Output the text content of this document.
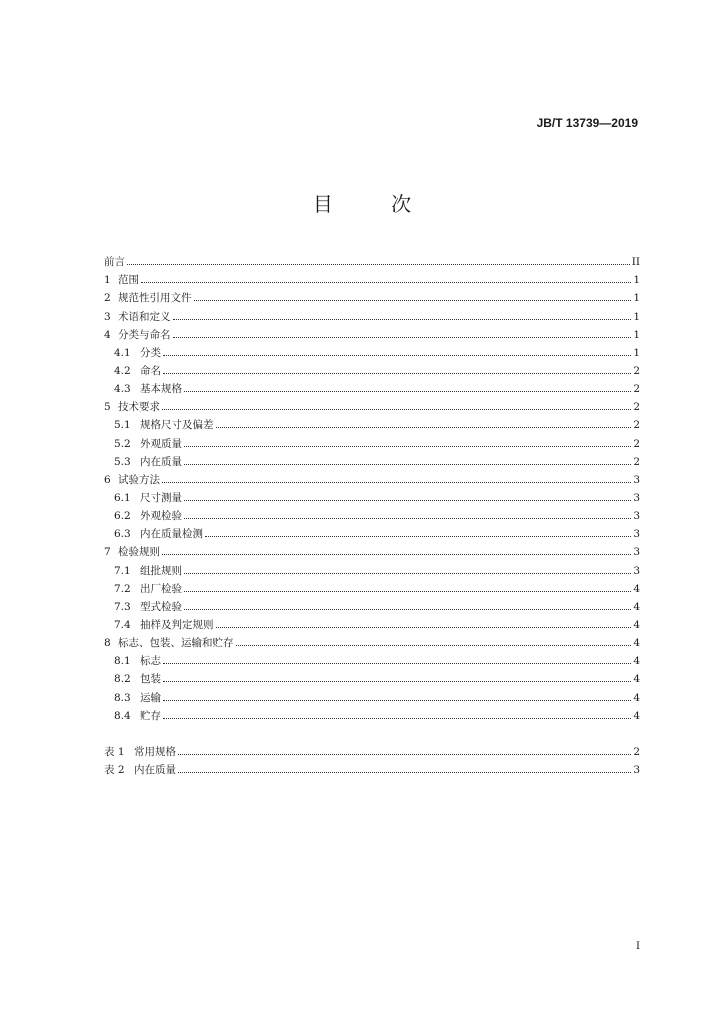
JB/T 13739—2019
目 次
前言	II
1 范围	1
2 规范性引用文件	1
3 术语和定义	1
4 分类与命名	1
4.1 分类	1
4.2 命名	2
4.3 基本规格	2
5 技术要求	2
5.1 规格尺寸及偏差	2
5.2 外观质量	2
5.3 内在质量	2
6 试验方法	3
6.1 尺寸测量	3
6.2 外观检验	3
6.3 内在质量检测	3
7 检验规则	3
7.1 组批规则	3
7.2 出厂检验	4
7.3 型式检验	4
7.4 抽样及判定规则	4
8 标志、包装、运输和贮存	4
8.1 标志	4
8.2 包装	4
8.3 运输	4
8.4 贮存	4
表 1 常用规格	2
表 2 内在质量	3
I
